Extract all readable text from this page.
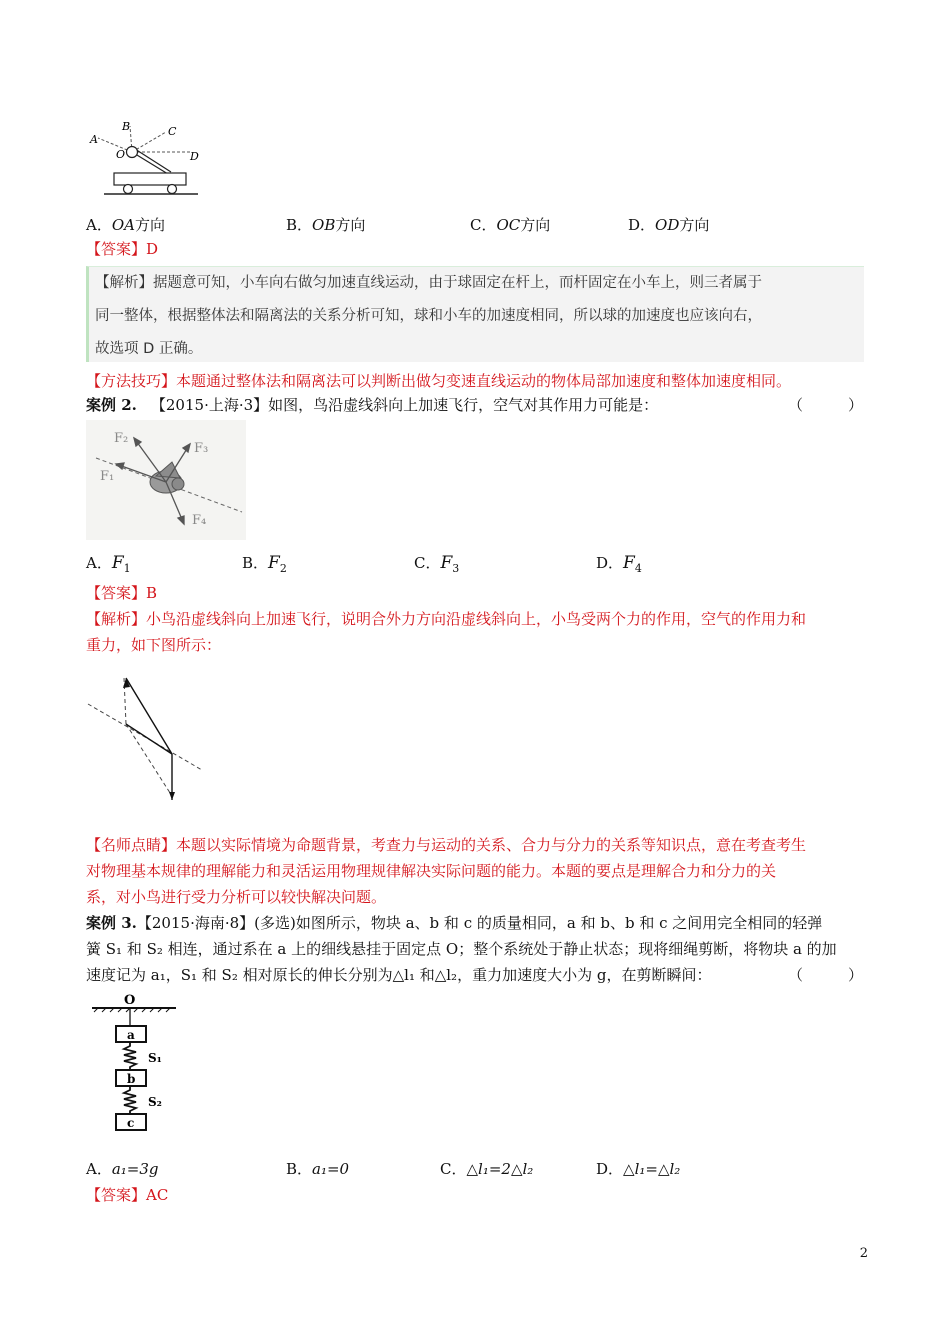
A
B	C
O	D
A．OA方向	B．OB方向	C．OC方向	D．OD方向
【答案】D
【解析】据题意可知，小车向右做匀加速直线运动，由于球固定在杆上，而杆固定在小车上，则三者属于
同一整体，根据整体法和隔离法的关系分析可知，球和小车的加速度相同，所以球的加速度也应该向右，
故选项 D 正确。
【方法技巧】本题通过整体法和隔离法可以判断出做匀变速直线运动的物体局部加速度和整体加速度相同。
案例 2. 【2015·上海·3】如图，鸟沿虚线斜向上加速飞行，空气对其作用力可能是：	（　　　）
F₁
F₂
F₃
F₄
A．$F_1$	B．$F_2$	C．$F_3$	D．$F_4$
【答案】B
【解析】小鸟沿虚线斜向上加速飞行，说明合外力方向沿虚线斜向上，小鸟受两个力的作用，空气的作用力和
重力，如下图所示：
【名师点睛】本题以实际情境为命题背景，考查力与运动的关系、合力与分力的关系等知识点，意在考查考生
对物理基本规律的理解能力和灵活运用物理规律解决实际问题的能力。本题的要点是理解合力和分力的关
系，对小鸟进行受力分析可以较快解决问题。
案例 3.【2015·海南·8】(多选)如图所示，物块 a、b 和 c 的质量相同，a 和 b、b 和 c 之间用完全相同的轻弹
簧 S₁ 和 S₂ 相连，通过系在 a 上的细线悬挂于固定点 O；整个系统处于静止状态；现将细绳剪断，将物块 a 的加
速度记为 a₁，S₁ 和 S₂ 相对原长的伸长分别为△l₁ 和△l₂，重力加速度大小为 g，在剪断瞬间：	（　　　）
O
a
S₁
b
S₂
c
A．a₁=3g	B．a₁=0	C．△l₁=2△l₂	D．△l₁=△l₂
【答案】AC
2
